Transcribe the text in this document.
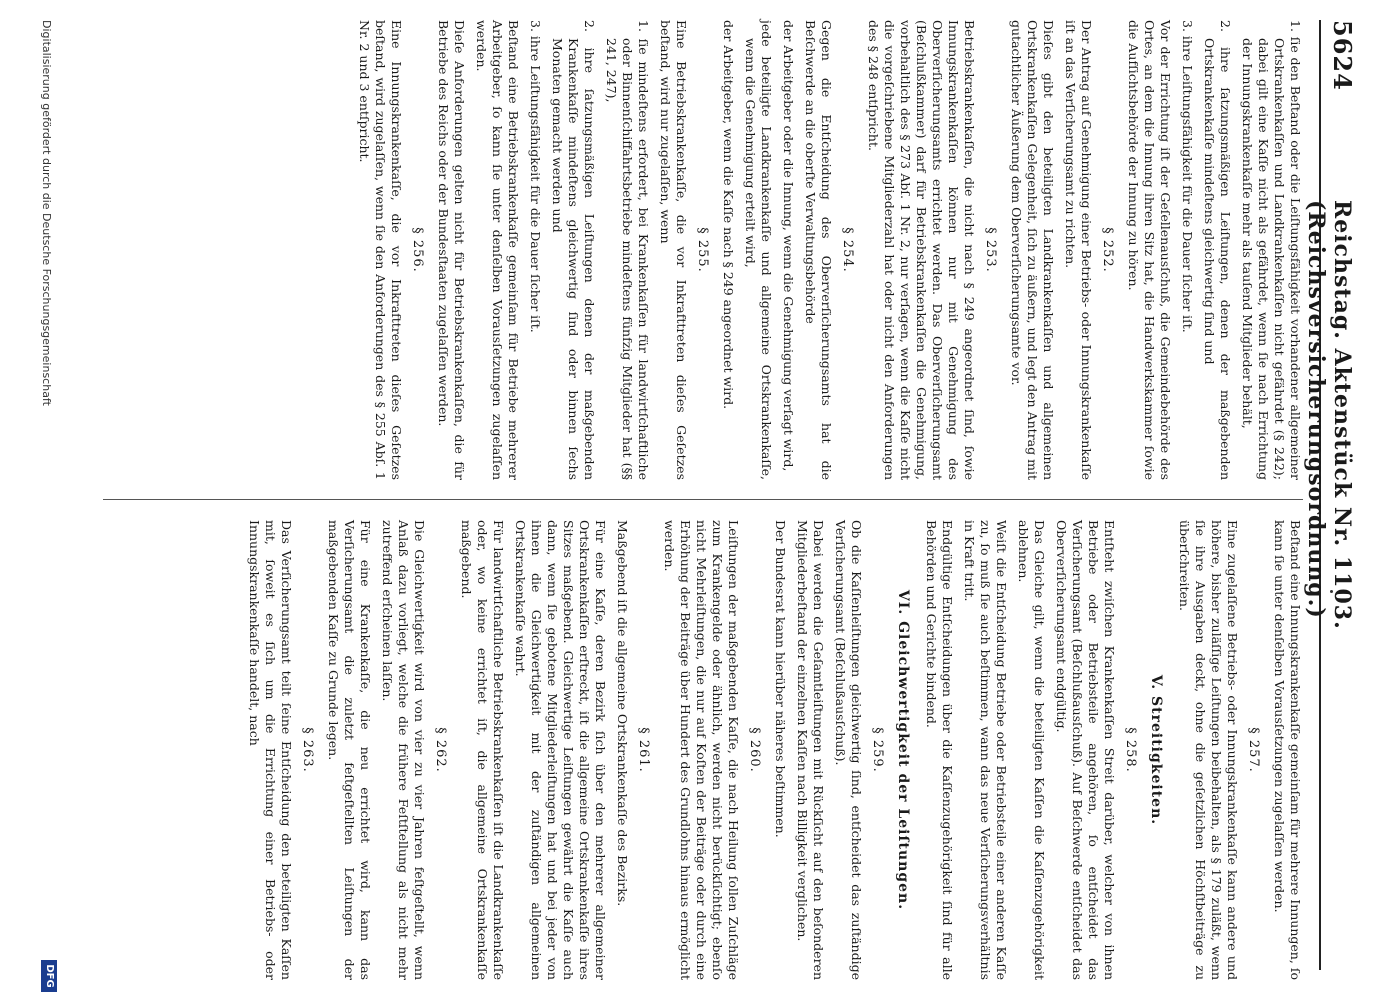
5624
Reichstag. Aktenstück Nr. 1103. (Reichsversicherungsordnung.)
1. ſie den Beſtand oder die Leiſtungsfähigkeit vorhandener allgemeiner Ortskrankenkaſſen und Landkrankenkaſſen nicht gefährdet (§ 242); dabei gilt eine Kaſſe nicht als gefährdet, wenn ſie nach Errichtung der Innungskrankenkaſſe mehr als tauſend Mitglieder behält,
2. ihre ſatzungsmäßigen Leiſtungen, denen der maßgebenden Ortskrankenkaſſe mindeſtens gleichwertig ſind und
3. ihre Leiſtungsfähigkeit für die Dauer ſicher iſt.
Vor der Errichtung iſt der Geſellenausſchuß, die Gemeindebehörde des Ortes, an dem die Innung ihren Sitz hat, die Handwerkskammer ſowie die Aufſichtsbehörde der Innung zu hören.
§ 252.
Der Antrag auf Genehmigung einer Betriebs- oder Innungskrankenkaſſe iſt an das Verſicherungsamt zu richten.
Dieſes gibt den beteiligten Landkrankenkaſſen und allgemeinen Ortskrankenkaſſen Gelegenheit, ſich zu äußern, und legt den Antrag mit gutachtlicher Äußerung dem Oberverſicherungsamte vor.
§ 253.
Betriebskrankenkaſſen, die nicht nach § 249 angeordnet ſind, ſowie Innungskrankenkaſſen können nur mit Genehmigung des Oberverſicherungsamts errichtet werden. Das Oberverſicherungsamt (Beſchlußkammer) darf für Betriebskrankenkaſſen die Genehmigung, vorbehaltlich des § 273 Abſ. 1 Nr. 2, nur verſagen, wenn die Kaſſe nicht die vorgeſchriebene Mitgliederzahl hat oder nicht den Anforderungen des § 248 entſpricht.
§ 254.
Gegen die Entſcheidung des Oberverſicherungsamts hat die Beſchwerde an die oberſte Verwaltungsbehörde
der Arbeitgeber oder die Innung, wenn die Genehmigung verſagt wird,
jede beteiligte Landkrankenkaſſe und allgemeine Ortskrankenkaſſe, wenn die Genehmigung erteilt wird,
der Arbeitgeber, wenn die Kaſſe nach § 249 angeordnet wird.
§ 255.
Eine Betriebskrankenkaſſe, die vor Inkrafttreten dieſes Geſetzes beſtand, wird nur zugelaſſen, wenn
1. ſie mindeſtens erfordert, bei Krankenkaſſen für landwirtſchaftliche oder Binnenſchiffahrtsbetriebe mindeſtens fünfzig Mitglieder hat (§§ 241, 247),
2. ihre ſatzungsmäßigen Leiſtungen denen der maßgebenden Krankenkaſſe mindeſtens gleichwertig ſind oder binnen ſechs Monaten gemacht werden und
3. ihre Leiſtungsfähigkeit für die Dauer ſicher iſt.
Beſtand eine Betriebskrankenkaſſe gemeinſam für Betriebe mehrerer Arbeitgeber, ſo kann ſie unter denſelben Vorausſetzungen zugelaſſen werden.
Dieſe Anforderungen gelten nicht für Betriebskrankenkaſſen, die für Betriebe des Reichs oder der Bundesſtaaten zugelaſſen werden.
§ 256.
Eine Innungskrankenkaſſe, die vor Inkrafttreten dieſes Geſetzes beſtand, wird zugelaſſen, wenn ſie den Anforderungen des § 255 Abſ. 1 Nr. 2 und 3 entſpricht.
Beſtand eine Innungskrankenkaſſe gemeinſam für mehrere Innungen, ſo kann ſie unter denſelben Vorausſetzungen zugelaſſen werden.
§ 257.
Eine zugelaſſene Betriebs- oder Innungskrankenkaſſe kann andere und höhere, bisher zuläſſige Leiſtungen beibehalten, als § 179 zuläßt, wenn ſie ihre Ausgaben deckt, ohne die geſetzlichen Höchſtbeiträge zu überſchreiten.
V. Streitigkeiten.
§ 258.
Entſteht zwiſchen Krankenkaſſen Streit darüber, welcher von ihnen Betriebe oder Betriebsteile angehören, ſo entſcheidet das Verſicherungsamt (Beſchlußausſchuß). Auf Beſchwerde entſcheidet das Oberverſicherungsamt endgültig.
Das Gleiche gilt, wenn die beteiligten Kaſſen die Kaſſenzugehörigkeit ablehnen.
Weiſt die Entſcheidung Betriebe oder Betriebsteile einer anderen Kaſſe zu, ſo muß ſie auch beſtimmen, wann das neue Verſicherungsverhältnis in Kraft tritt.
Endgültige Entſcheidungen über die Kaſſenzugehörigkeit ſind für alle Behörden und Gerichte bindend.
VI. Gleichwertigkeit der Leiſtungen.
§ 259.
Ob die Kaſſenleiſtungen gleichwertig ſind, entſcheidet das zuſtändige Verſicherungsamt (Beſchlußausſchuß).
Dabei werden die Geſamtleiſtungen mit Rückſicht auf den beſonderen Mitgliederbeſtand der einzelnen Kaſſen nach Billigkeit verglichen.
Der Bundesrat kann hierüber näheres beſtimmen.
§ 260.
Leiſtungen der maßgebenden Kaſſe, die nach Heilung ſollen Zuſchläge zum Krankengelde oder ähnlich, werden nicht berückſichtigt; ebenſo nicht Mehrleiſtungen, die nur auf Koſten der Beiträge oder durch eine Erhöhung der Beiträge über Hundert des Grundlohns hinaus ermöglicht werden.
§ 261.
Maßgebend iſt die allgemeine Ortskrankenkaſſe des Bezirks.
Für eine Kaſſe, deren Bezirk ſich über den mehrerer allgemeiner Ortskrankenkaſſen erſtreckt, iſt die allgemeine Ortskrankenkaſſe ihres Sitzes maßgebend. Gleichwertige Leiſtungen gewährt die Kaſſe auch dann, wenn ſie gebotene Mitgliederleiſtungen hat und bei jeder von ihnen die Gleichwertigkeit mit der zuſtändigen allgemeinen Ortskrankenkaſſe wahrt.
Für landwirtſchaftliche Betriebskrankenkaſſen iſt die Landkrankenkaſſe oder, wo keine errichtet iſt, die allgemeine Ortskrankenkaſſe maßgebend.
§ 262.
Die Gleichwertigkeit wird von vier zu vier Jahren feſtgeſtellt, wenn Anlaß dazu vorliegt, welche die frühere Feſtſtellung als nicht mehr zutreffend erſcheinen laſſen.
Für eine Krankenkaſſe, die neu errichtet wird, kann das Verſicherungsamt die zuletzt feſtgeſtellten Leiſtungen der maßgebenden Kaſſe zu Grunde legen.
§ 263.
Das Verſicherungsamt teilt ſeine Entſcheidung den beteiligten Kaſſen mit, ſoweit es ſich um die Errichtung einer Betriebs- oder Innungskrankenkaſſe handelt, nach
Digitalisierung gefördert durch die Deutsche Forschungsgemeinschaft
DFG
